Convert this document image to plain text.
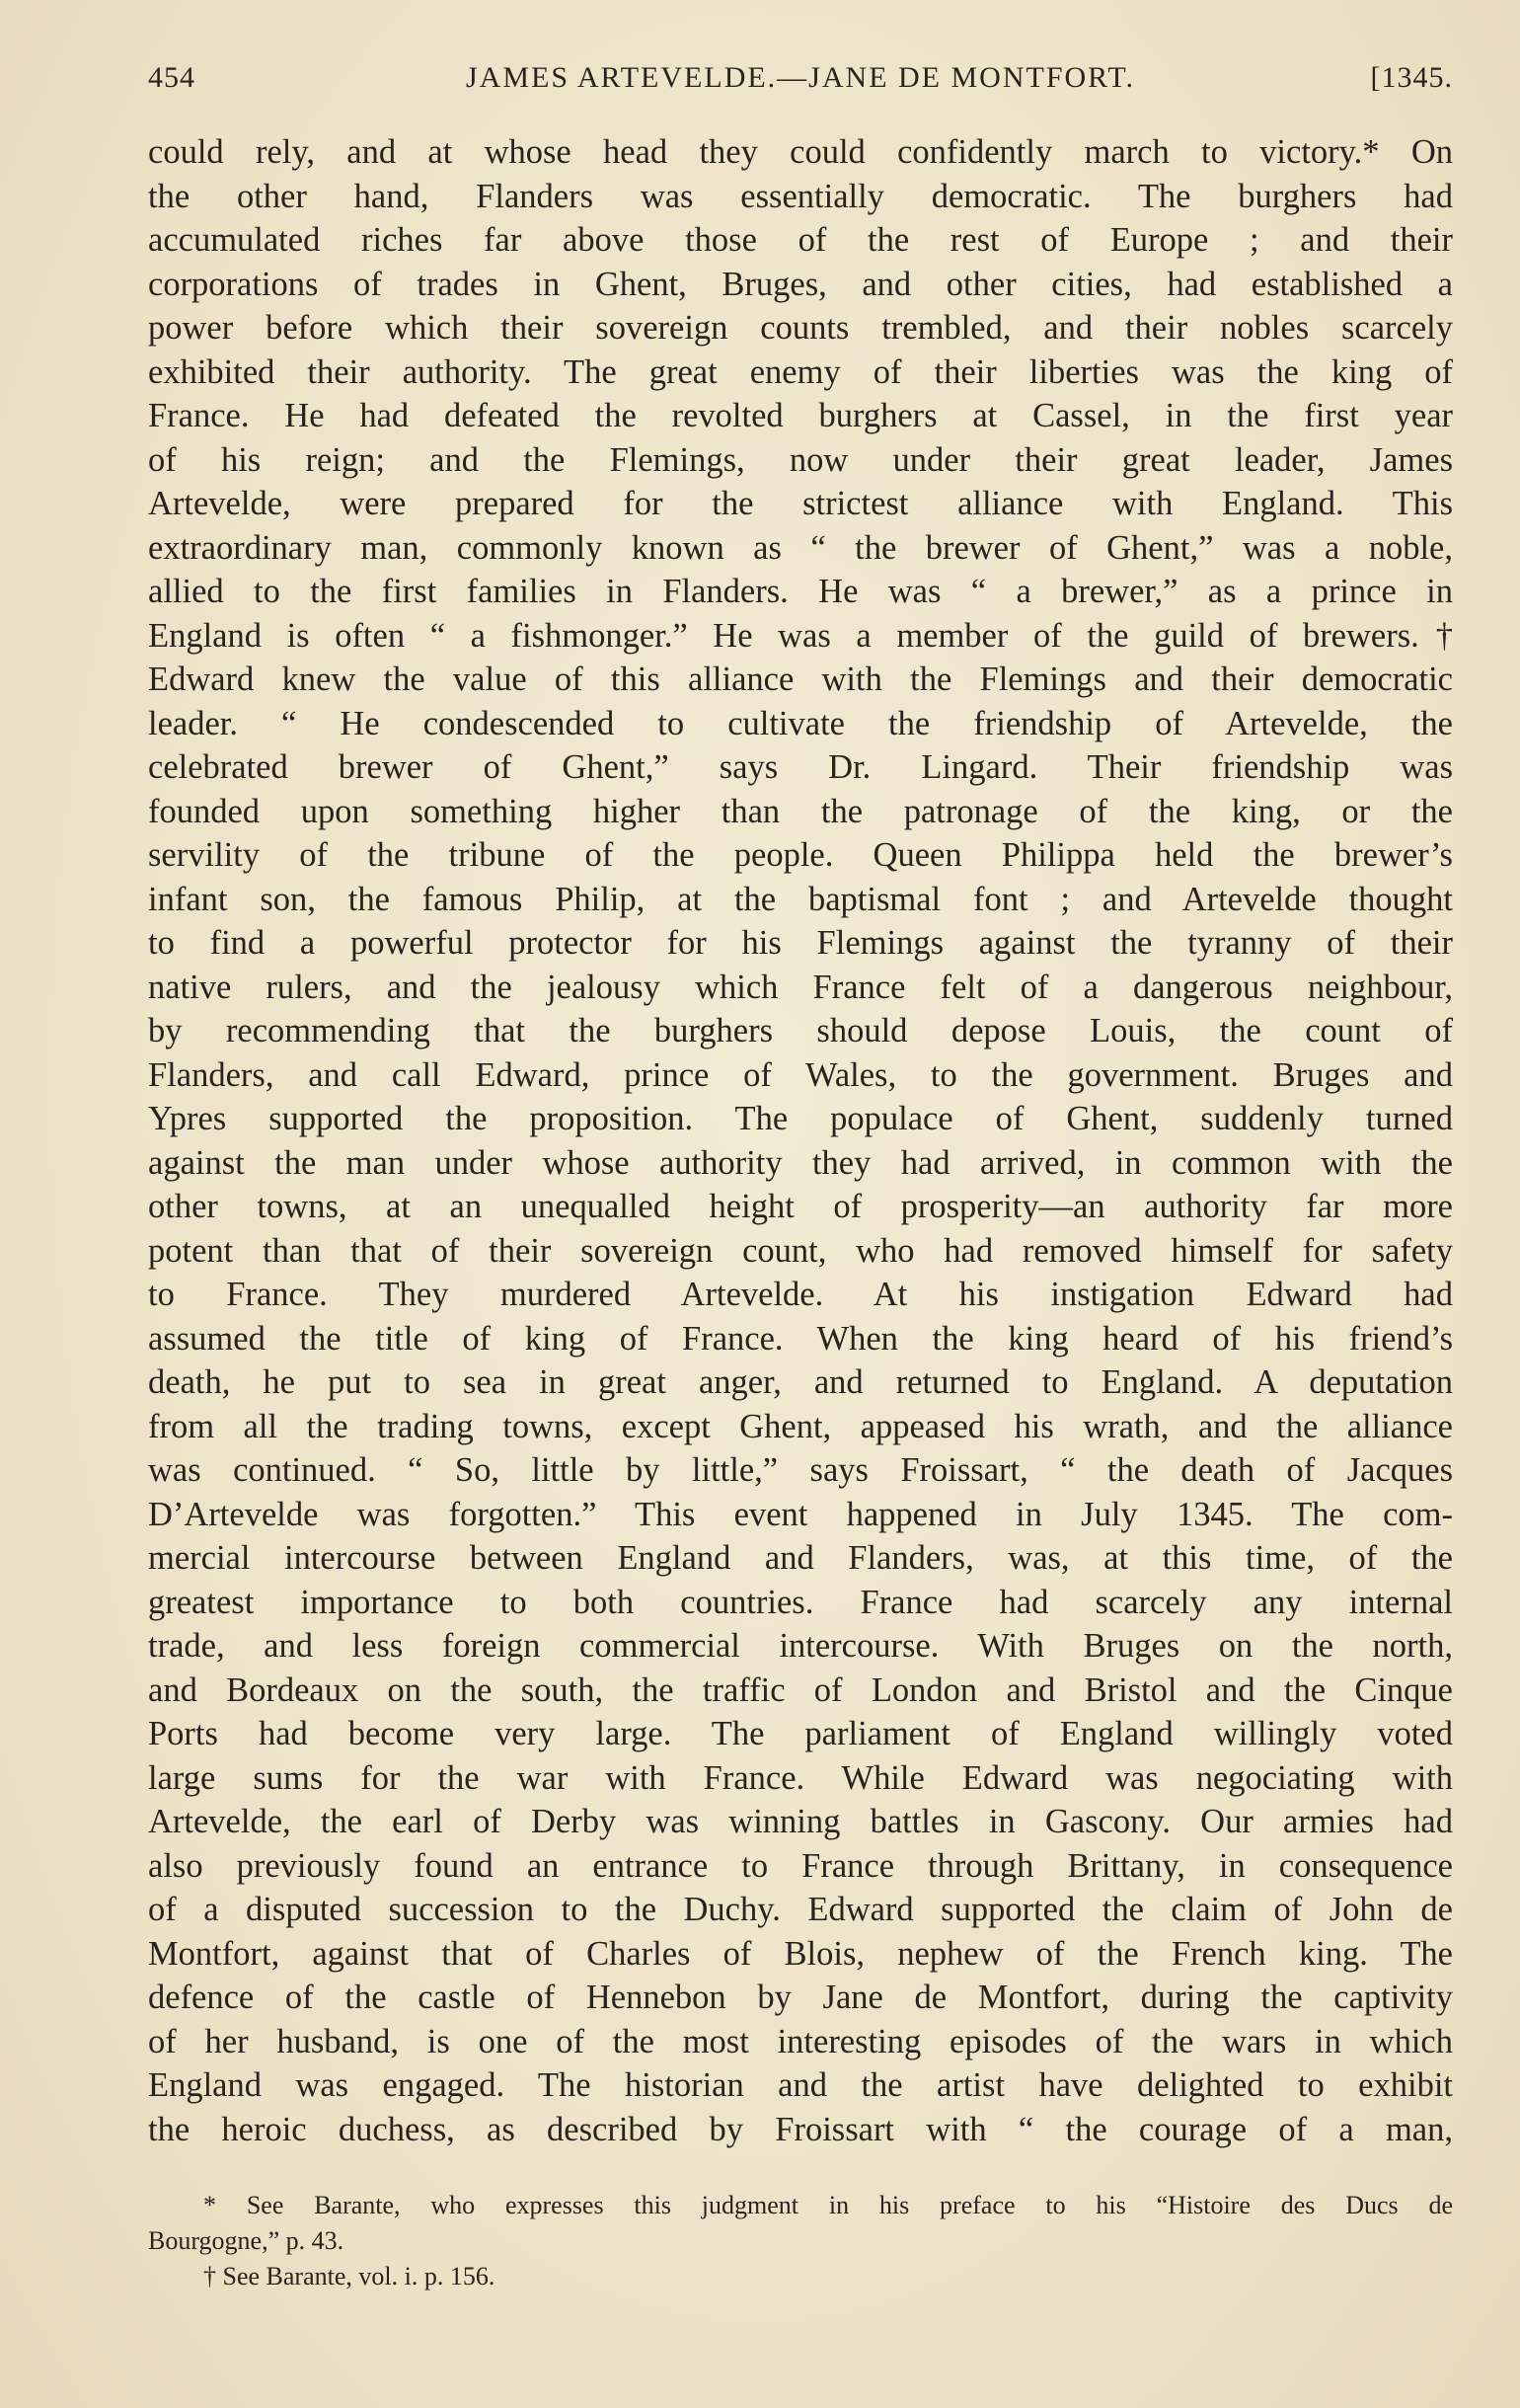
454	JAMES ARTEVELDE.—JANE DE MONTFORT.	[1345.
could rely, and at whose head they could confidently march to victory.* On
the other hand, Flanders was essentially democratic. The burghers had
accumulated riches far above those of the rest of Europe ; and their
corporations of trades in Ghent, Bruges, and other cities, had established a
power before which their sovereign counts trembled, and their nobles scarcely
exhibited their authority. The great enemy of their liberties was the king of
France. He had defeated the revolted burghers at Cassel, in the first year
of his reign; and the Flemings, now under their great leader, James
Artevelde, were prepared for the strictest alliance with England. This
extraordinary man, commonly known as “ the brewer of Ghent,” was a noble,
allied to the first families in Flanders. He was “ a brewer,” as a prince in
England is often “ a fishmonger.” He was a member of the guild of brewers.†
Edward knew the value of this alliance with the Flemings and their democratic
leader. “ He condescended to cultivate the friendship of Artevelde, the
celebrated brewer of Ghent,” says Dr. Lingard. Their friendship was
founded upon something higher than the patronage of the king, or the
servility of the tribune of the people. Queen Philippa held the brewer’s
infant son, the famous Philip, at the baptismal font ; and Artevelde thought
to find a powerful protector for his Flemings against the tyranny of their
native rulers, and the jealousy which France felt of a dangerous neighbour,
by recommending that the burghers should depose Louis, the count of
Flanders, and call Edward, prince of Wales, to the government. Bruges and
Ypres supported the proposition. The populace of Ghent, suddenly turned
against the man under whose authority they had arrived, in common with the
other towns, at an unequalled height of prosperity—an authority far more
potent than that of their sovereign count, who had removed himself for safety
to France. They murdered Artevelde. At his instigation Edward had
assumed the title of king of France. When the king heard of his friend’s
death, he put to sea in great anger, and returned to England. A deputation
from all the trading towns, except Ghent, appeased his wrath, and the alliance
was continued. “ So, little by little,” says Froissart, “ the death of Jacques
D’Artevelde was forgotten.” This event happened in July 1345. The com-
mercial intercourse between England and Flanders, was, at this time, of the
greatest importance to both countries. France had scarcely any internal
trade, and less foreign commercial intercourse. With Bruges on the north,
and Bordeaux on the south, the traffic of London and Bristol and the Cinque
Ports had become very large. The parliament of England willingly voted
large sums for the war with France. While Edward was negociating with
Artevelde, the earl of Derby was winning battles in Gascony. Our armies had
also previously found an entrance to France through Brittany, in consequence
of a disputed succession to the Duchy. Edward supported the claim of John de
Montfort, against that of Charles of Blois, nephew of the French king. The
defence of the castle of Hennebon by Jane de Montfort, during the captivity
of her husband, is one of the most interesting episodes of the wars in which
England was engaged. The historian and the artist have delighted to exhibit
the heroic duchess, as described by Froissart with “ the courage of a man,
* See Barante, who expresses this judgment in his preface to his “Histoire des Ducs de
Bourgogne,” p. 43.
† See Barante, vol. i. p. 156.
